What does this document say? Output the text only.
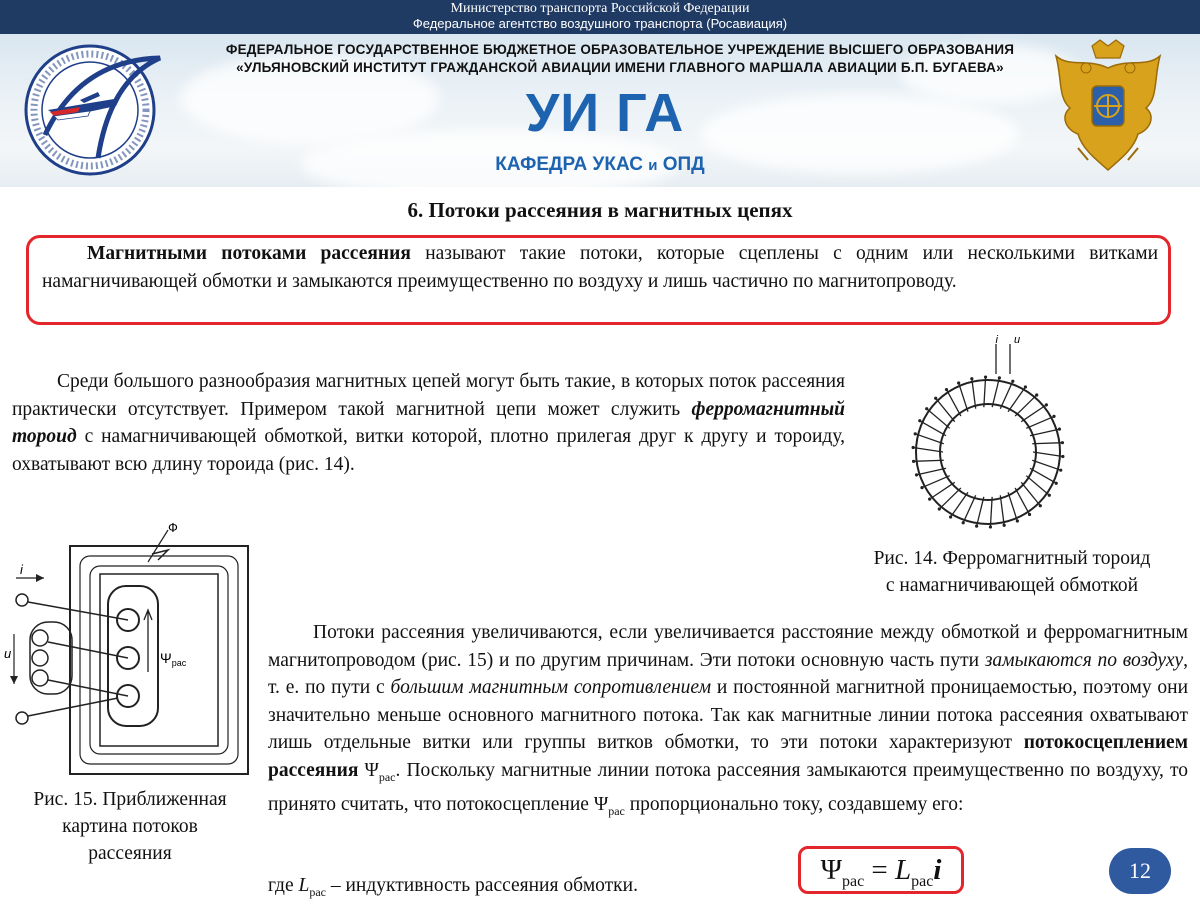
Министерство транспорта Российской Федерации
Федеральное агентство воздушного транспорта (Росавиация)
ФЕДЕРАЛЬНОЕ ГОСУДАРСТВЕННОЕ БЮДЖЕТНОЕ ОБРАЗОВАТЕЛЬНОЕ УЧРЕЖДЕНИЕ ВЫСШЕГО ОБРАЗОВАНИЯ
«УЛЬЯНОВСКИЙ ИНСТИТУТ ГРАЖДАНСКОЙ АВИАЦИИ ИМЕНИ ГЛАВНОГО МАРШАЛА АВИАЦИИ Б.П. БУГАЕВА»
УИ ГА
КАФЕДРА УКАС и ОПД
6. Потоки рассеяния в магнитных цепях
Магнитными потоками рассеяния называют такие потоки, которые сцеплены с одним или несколькими витками намагничивающей обмотки и замыкаются преимущественно по воздуху и лишь частично по магнитопроводу.
Среди большого разнообразия магнитных цепей могут быть такие, в которых поток рассеяния практически отсутствует. Примером такой магнитной цепи может служить ферромагнитный тороид с намагничивающей обмоткой, витки которой, плотно прилегая друг к другу и тороиду, охватывают всю длину тороида (рис. 14).
i u
Рис. 14. Ферромагнитный тороид
с намагничивающей обмоткой
Ф
i
u	$\Psi_{рас}$
Рис. 15. Приближенная
картина потоков
рассеяния
Потоки рассеяния увеличиваются, если увеличивается расстояние между обмоткой и ферромагнитным магнитопроводом (рис. 15) и по другим причинам. Эти потоки основную часть пути замыкаются по воздуху, т. е. по пути с большим магнитным сопротивлением и постоянной магнитной проницаемостью, поэтому они значительно меньше основного магнитного потока. Так как магнитные линии потока рассеяния охватывают лишь отдельные витки или группы витков обмотки, то эти потоки характеризуют потокосцеплением рассеяния $\Psi_{рас}$. Поскольку магнитные линии потока рассеяния замыкаются преимущественно по воздуху, то принято считать, что потокосцепление $\Psi_{рас}$ пропорционально току, создавшему его:
где $L_{рас}$ – индуктивность рассеяния обмотки.	$\Psi_{рас} = L_{рас}i$	12
